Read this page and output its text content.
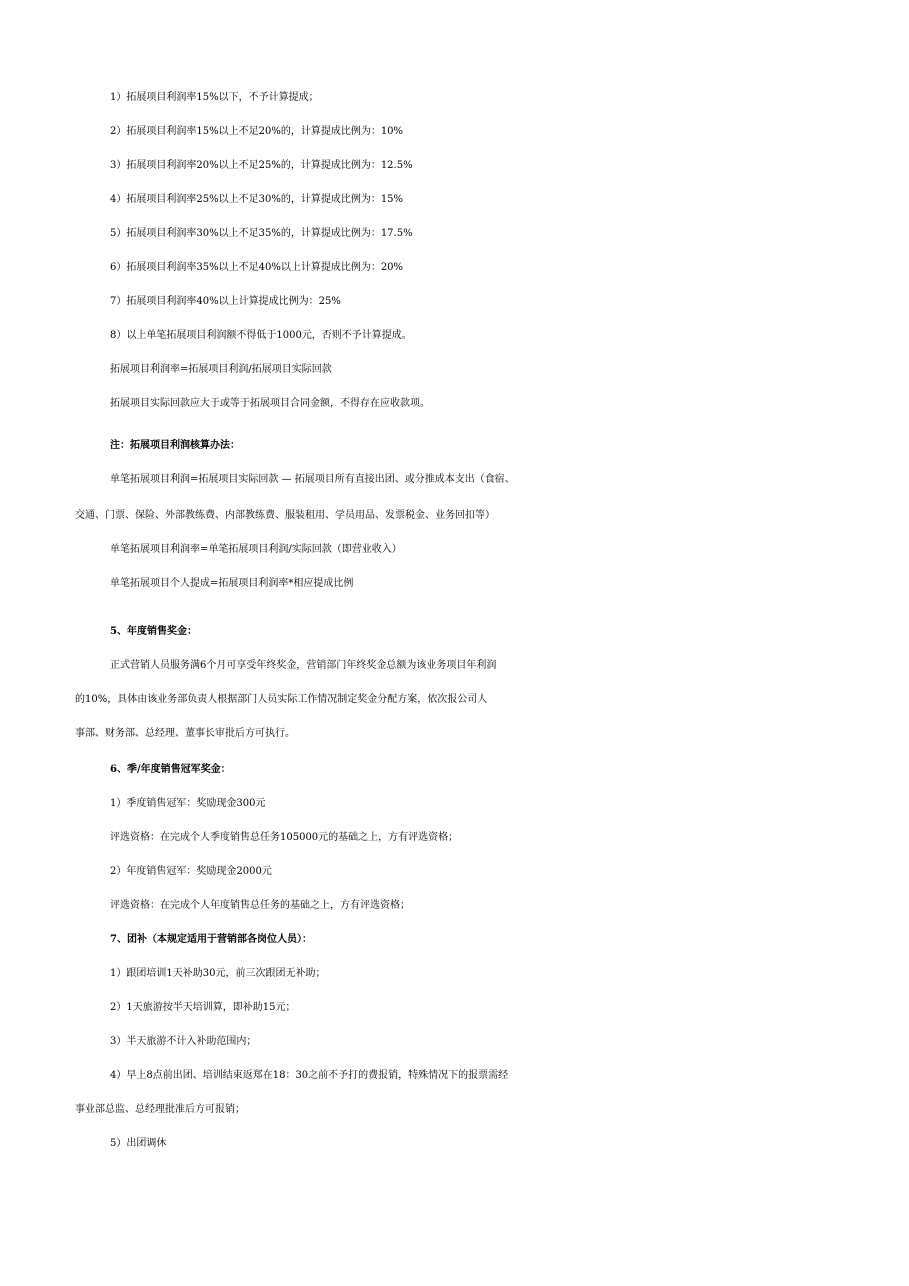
1）拓展项目利润率15%以下，不予计算提成；
2）拓展项目利润率15%以上不足20%的，计算提成比例为：10%
3）拓展项目利润率20%以上不足25%的，计算提成比例为：12.5%
4）拓展项目利润率25%以上不足30%的，计算提成比例为：15%
5）拓展项目利润率30%以上不足35%的，计算提成比例为：17.5%
6）拓展项目利润率35%以上不足40%以上计算提成比例为：20%
7）拓展项目利润率40%以上计算提成比例为：25%
8）以上单笔拓展项目利润额不得低于1000元，否则不予计算提成。
拓展项目利润率=拓展项目利润/拓展项目实际回款
拓展项目实际回款应大于或等于拓展项目合同金额，不得存在应收款项。
注：拓展项目利润核算办法：
单笔拓展项目利润=拓展项目实际回款 — 拓展项目所有直接出团、或分推成本支出（食宿、
交通、门票、保险、外部教练费、内部教练费、服装租用、学员用品、发票税金、业务回扣等）
单笔拓展项目利润率=单笔拓展项目利润/实际回款（即营业收入）
单笔拓展项目个人提成=拓展项目利润率*相应提成比例
5、年度销售奖金：
正式营销人员服务满6个月可享受年终奖金，营销部门年终奖金总额为该业务项目年利润
的10%，具体由该业务部负责人根据部门人员实际工作情况制定奖金分配方案，依次报公司人
事部、财务部、总经理、董事长审批后方可执行。
6、季/年度销售冠军奖金：
1）季度销售冠军：奖励现金300元
评选资格：在完成个人季度销售总任务105000元的基础之上，方有评选资格；
2）年度销售冠军：奖励现金2000元
评选资格：在完成个人年度销售总任务的基础之上，方有评选资格；
7、团补（本规定适用于营销部各岗位人员）：
1）跟团培训1天补助30元，前三次跟团无补助；
2）1天旅游按半天培训算，即补助15元；
3）半天旅游不计入补助范围内；
4）早上8点前出团、培训结束返郑在18：30之前不予打的费报销，特殊情况下的报票需经
事业部总监、总经理批准后方可报销；
5）出团调休
